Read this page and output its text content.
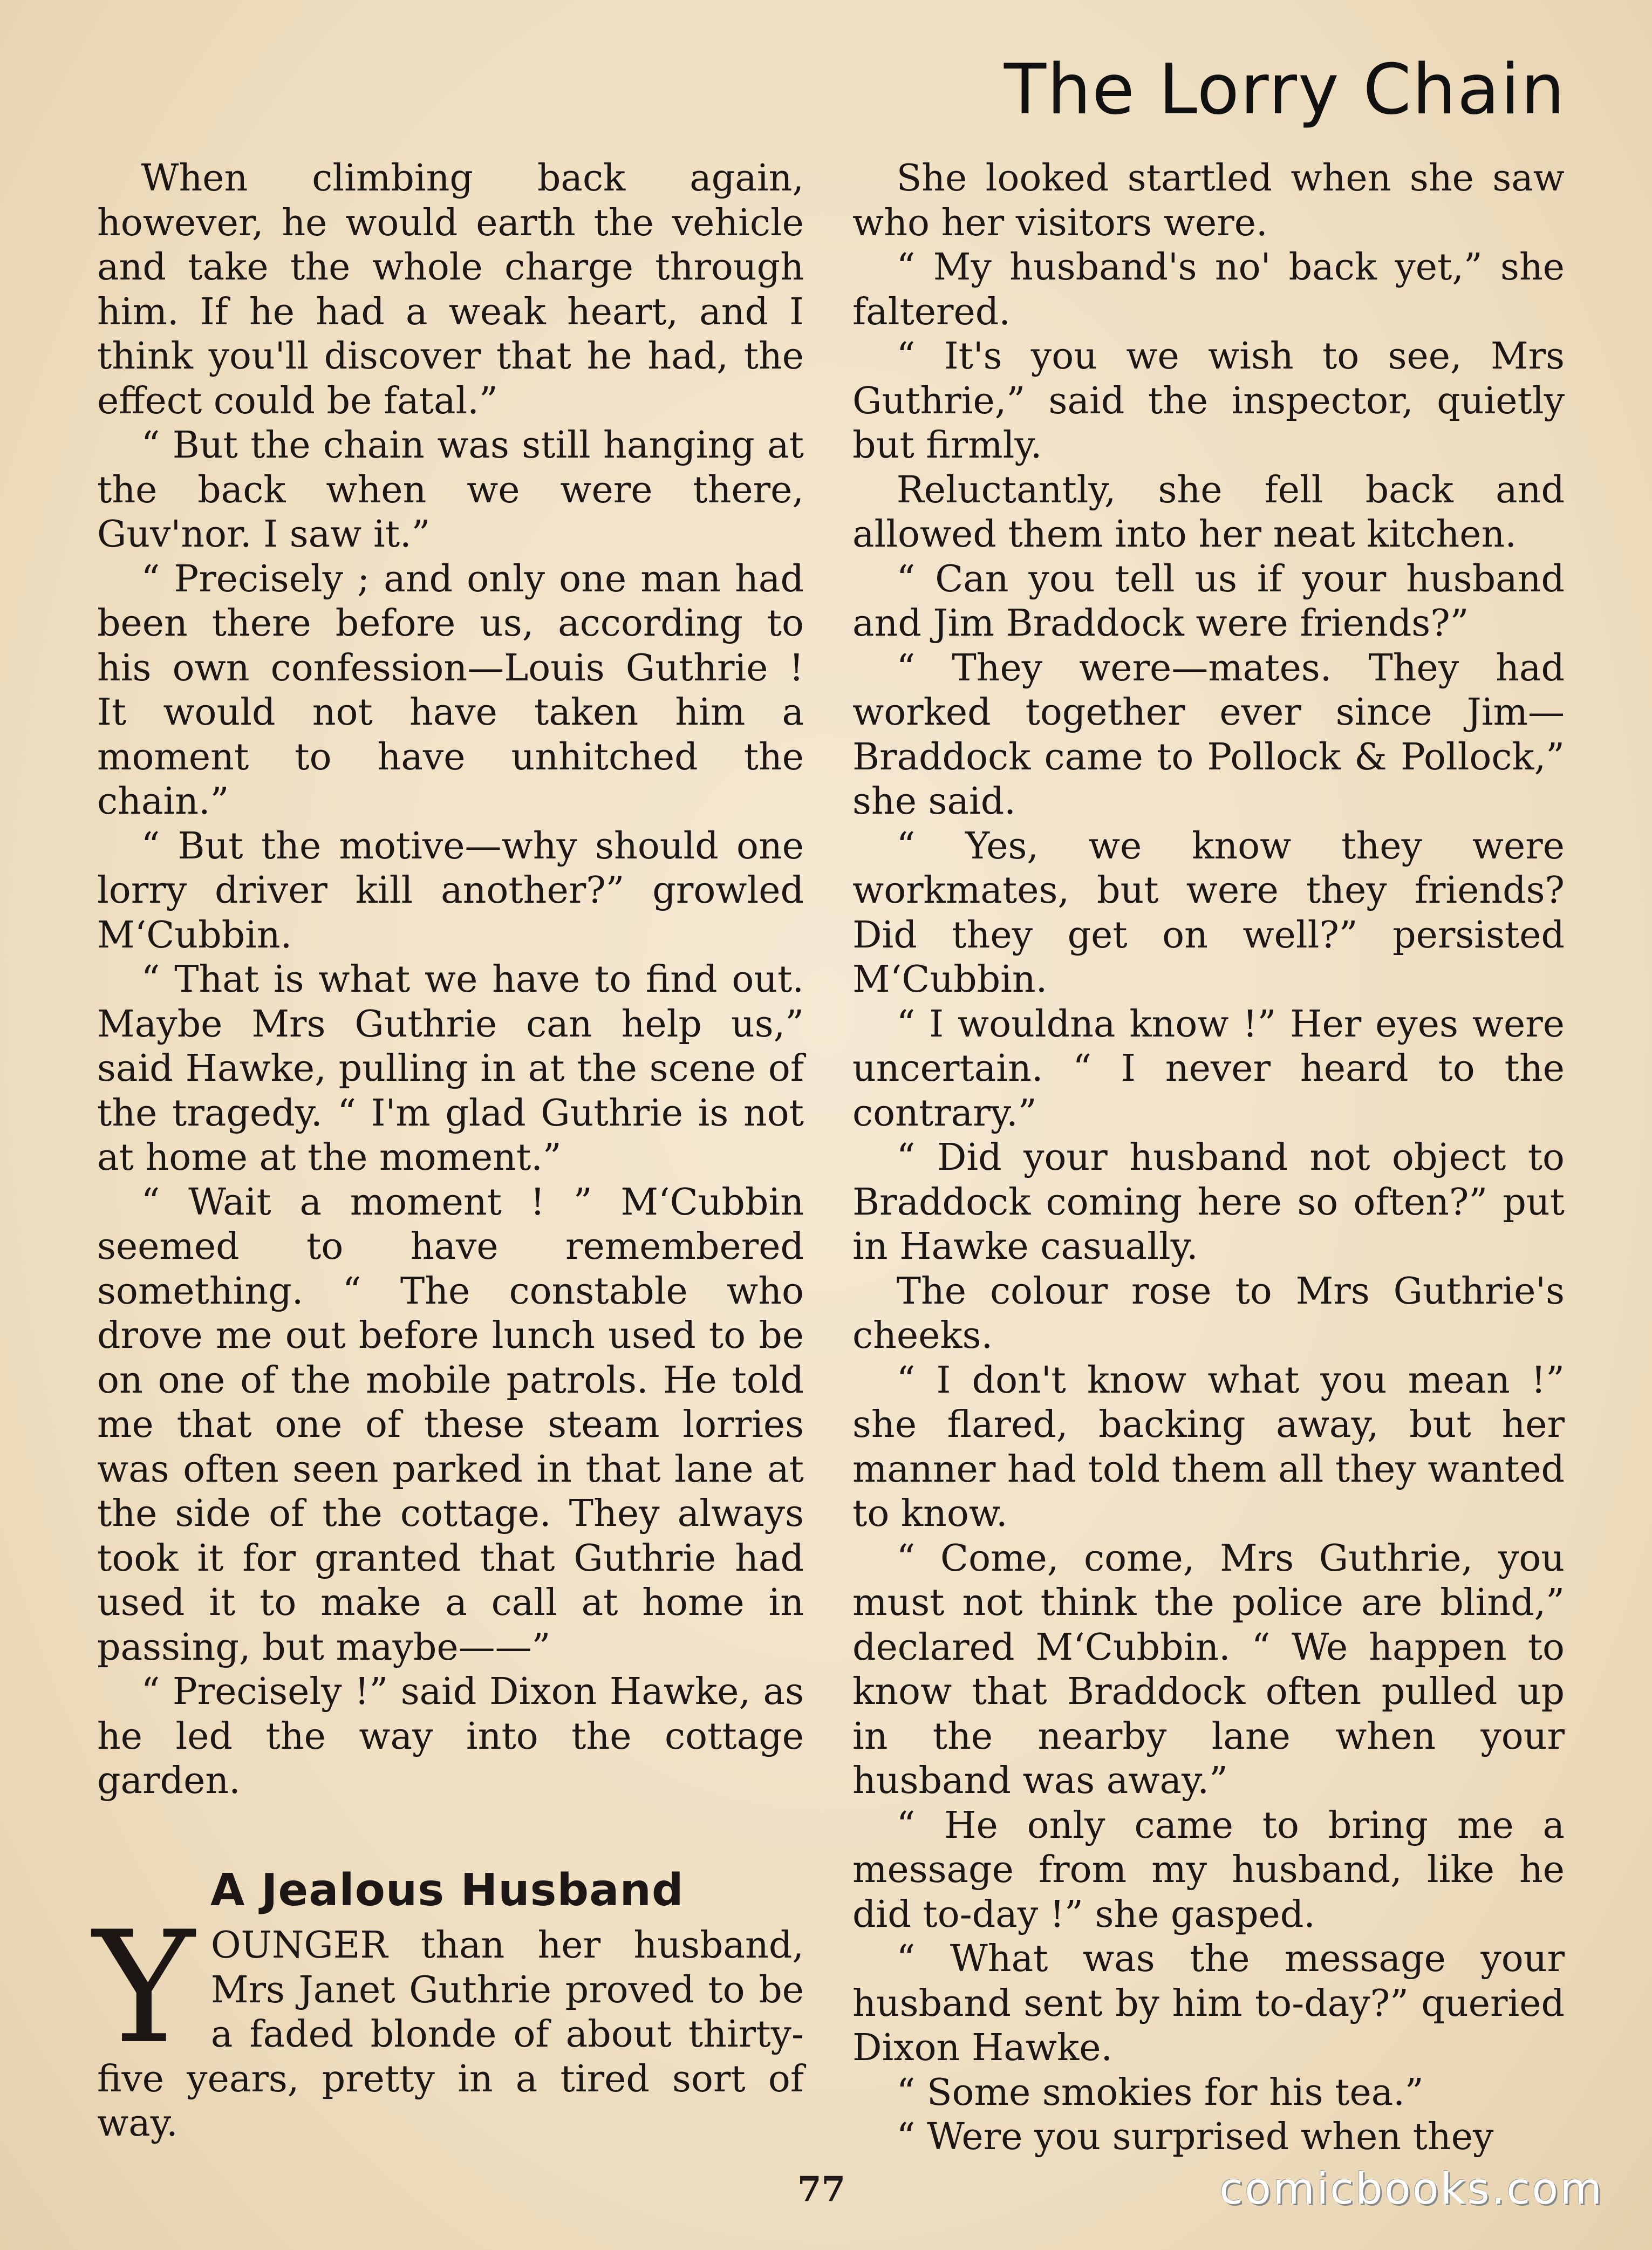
The Lorry Chain

When climbing back again, however, he would earth the vehicle and take the whole charge through him. If he had a weak heart, and I think you'll discover that he had, the effect could be fatal.”

“ But the chain was still hanging at the back when we were there, Guv'nor. I saw it.”

“ Precisely ; and only one man had been there before us, according to his own confession—Louis Guthrie ! It would not have taken him a moment to have unhitched the chain.”

“ But the motive—why should one lorry driver kill another?” growled M‘Cubbin.

“ That is what we have to find out. Maybe Mrs Guthrie can help us,” said Hawke, pulling in at the scene of the tragedy. “ I'm glad Guthrie is not at home at the moment.”

“ Wait a moment ! ” M‘Cubbin seemed to have remembered something. “ The constable who drove me out before lunch used to be on one of the mobile patrols. He told me that one of these steam lorries was often seen parked in that lane at the side of the cottage. They always took it for granted that Guthrie had used it to make a call at home in passing, but maybe——”

“ Precisely !” said Dixon Hawke, as he led the way into the cottage garden.

A Jealous Husband

YOUNGER than her husband, Mrs Janet Guthrie proved to be a faded blonde of about thirty-five years, pretty in a tired sort of way.

She looked startled when she saw who her visitors were.

“ My husband's no' back yet,” she faltered.

“ It's you we wish to see, Mrs Guthrie,” said the inspector, quietly but firmly.

Reluctantly, she fell back and allowed them into her neat kitchen.

“ Can you tell us if your husband and Jim Braddock were friends?”

“ They were—mates. They had worked together ever since Jim—Braddock came to Pollock & Pollock,” she said.

“ Yes, we know they were workmates, but were they friends? Did they get on well?” persisted M‘Cubbin.

“ I wouldna know !” Her eyes were uncertain. “ I never heard to the contrary.”

“ Did your husband not object to Braddock coming here so often?” put in Hawke casually.

The colour rose to Mrs Guthrie's cheeks.

“ I don't know what you mean !” she flared, backing away, but her manner had told them all they wanted to know.

“ Come, come, Mrs Guthrie, you must not think the police are blind,” declared M‘Cubbin. “ We happen to know that Braddock often pulled up in the nearby lane when your husband was away.”

“ He only came to bring me a message from my husband, like he did to-day !” she gasped.

“ What was the message your husband sent by him to-day?” queried Dixon Hawke.

“ Some smokies for his tea.”

“ Were you surprised when they

77	comicbooks.com
